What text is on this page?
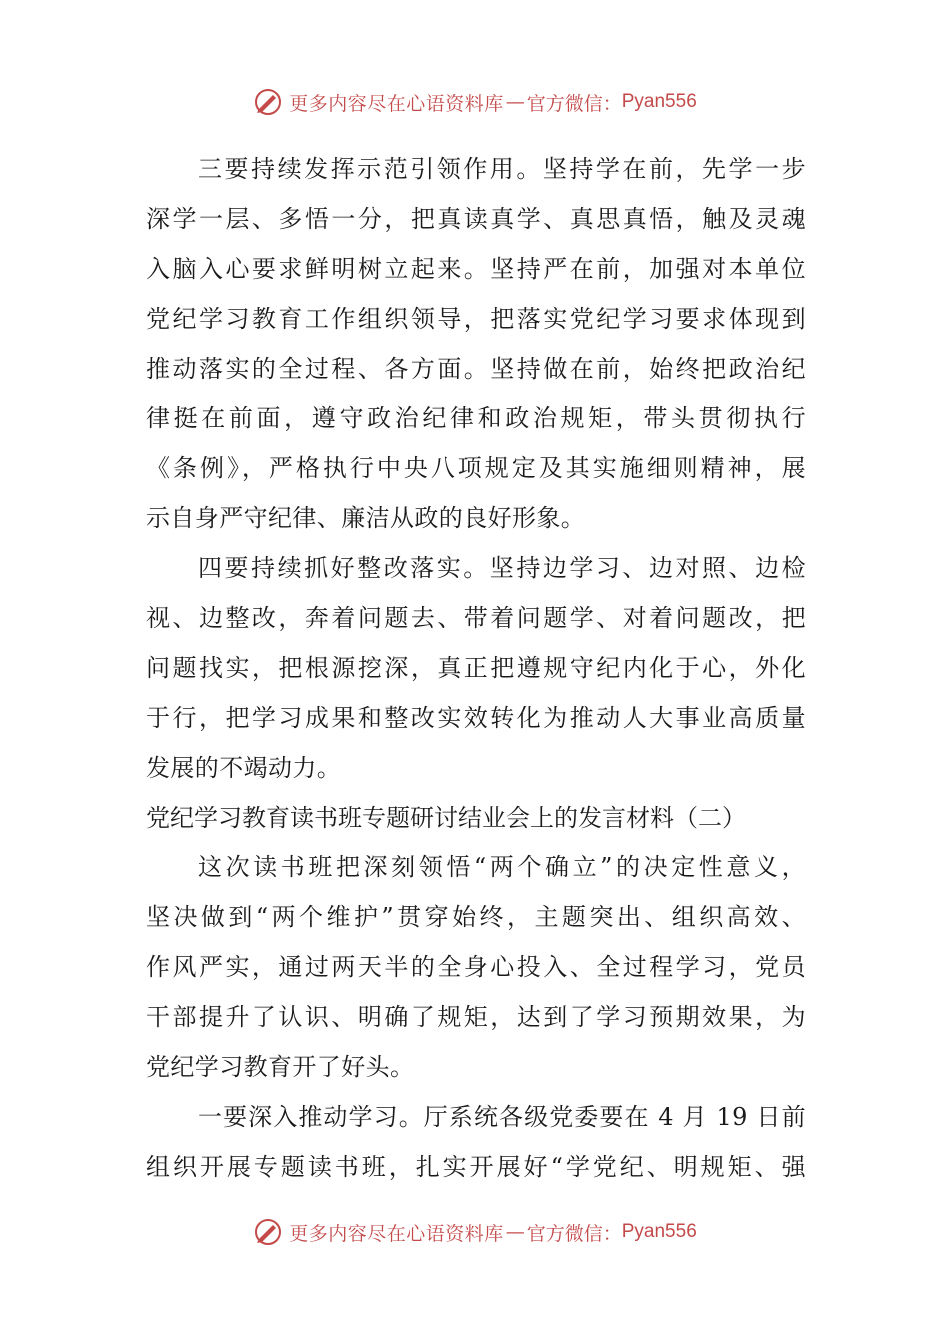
更多内容尽在心语资料库 — 官方微信： Pyan556
三要持续发挥示范引领作用。坚持学在前，先学一步
深学一层、多悟一分，把真读真学、真思真悟，触及灵魂
入脑入心要求鲜明树立起来。坚持严在前，加强对本单位
党纪学习教育工作组织领导，把落实党纪学习要求体现到
推动落实的全过程、各方面。坚持做在前，始终把政治纪
律挺在前面，遵守政治纪律和政治规矩，带头贯彻执行
《条例》，严格执行中央八项规定及其实施细则精神，展
示自身严守纪律、廉洁从政的良好形象。
四要持续抓好整改落实。坚持边学习、边对照、边检
视、边整改，奔着问题去、带着问题学、对着问题改，把
问题找实，把根源挖深，真正把遵规守纪内化于心，外化
于行，把学习成果和整改实效转化为推动人大事业高质量
发展的不竭动力。
党纪学习教育读书班专题研讨结业会上的发言材料（二）
这次读书班把深刻领悟“两个确立”的决定性意义，
坚决做到“两个维护”贯穿始终，主题突出、组织高效、
作风严实，通过两天半的全身心投入、全过程学习，党员
干部提升了认识、明确了规矩，达到了学习预期效果，为
党纪学习教育开了好头。
一要深入推动学习。厅系统各级党委要在 4 月 19 日前
组织开展专题读书班，扎实开展好“学党纪、明规矩、强
更多内容尽在心语资料库 — 官方微信： Pyan556
